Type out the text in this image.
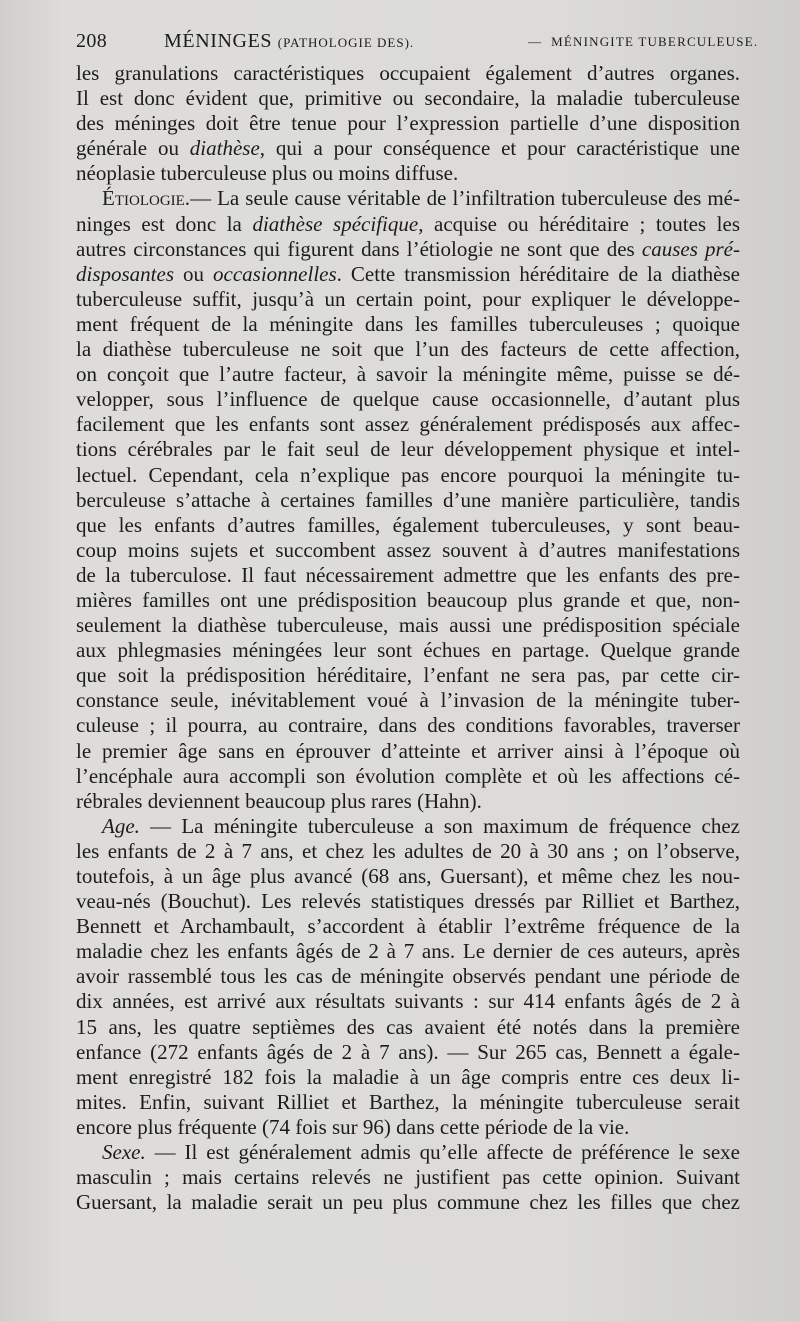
208	MÉNINGES (PATHOLOGIE DES).	— MÉNINGITE TUBERCULEUSE.
les granulations caractéristiques occupaient également d’autres organes.
Il est donc évident que, primitive ou secondaire, la maladie tuberculeuse
des méninges doit être tenue pour l’expression partielle d’une disposition
générale ou diathèse, qui a pour conséquence et pour caractéristique une
néoplasie tuberculeuse plus ou moins diffuse.
Étiologie.— La seule cause véritable de l’infiltration tuberculeuse des mé-
ninges est donc la diathèse spécifique, acquise ou héréditaire ; toutes les
autres circonstances qui figurent dans l’étiologie ne sont que des causes pré-
disposantes ou occasionnelles. Cette transmission héréditaire de la diathèse
tuberculeuse suffit, jusqu’à un certain point, pour expliquer le développe-
ment fréquent de la méningite dans les familles tuberculeuses ; quoique
la diathèse tuberculeuse ne soit que l’un des facteurs de cette affection,
on conçoit que l’autre facteur, à savoir la méningite même, puisse se dé-
velopper, sous l’influence de quelque cause occasionnelle, d’autant plus
facilement que les enfants sont assez généralement prédisposés aux affec-
tions cérébrales par le fait seul de leur développement physique et intel-
lectuel. Cependant, cela n’explique pas encore pourquoi la méningite tu-
berculeuse s’attache à certaines familles d’une manière particulière, tandis
que les enfants d’autres familles, également tuberculeuses, y sont beau-
coup moins sujets et succombent assez souvent à d’autres manifestations
de la tuberculose. Il faut nécessairement admettre que les enfants des pre-
mières familles ont une prédisposition beaucoup plus grande et que, non-
seulement la diathèse tuberculeuse, mais aussi une prédisposition spéciale
aux phlegmasies méningées leur sont échues en partage. Quelque grande
que soit la prédisposition héréditaire, l’enfant ne sera pas, par cette cir-
constance seule, inévitablement voué à l’invasion de la méningite tuber-
culeuse ; il pourra, au contraire, dans des conditions favorables, traverser
le premier âge sans en éprouver d’atteinte et arriver ainsi à l’époque où
l’encéphale aura accompli son évolution complète et où les affections cé-
rébrales deviennent beaucoup plus rares (Hahn).
Age. — La méningite tuberculeuse a son maximum de fréquence chez
les enfants de 2 à 7 ans, et chez les adultes de 20 à 30 ans ; on l’observe,
toutefois, à un âge plus avancé (68 ans, Guersant), et même chez les nou-
veau-nés (Bouchut). Les relevés statistiques dressés par Rilliet et Barthez,
Bennett et Archambault, s’accordent à établir l’extrême fréquence de la
maladie chez les enfants âgés de 2 à 7 ans. Le dernier de ces auteurs, après
avoir rassemblé tous les cas de méningite observés pendant une période de
dix années, est arrivé aux résultats suivants : sur 414 enfants âgés de 2 à
15 ans, les quatre septièmes des cas avaient été notés dans la première
enfance (272 enfants âgés de 2 à 7 ans). — Sur 265 cas, Bennett a égale-
ment enregistré 182 fois la maladie à un âge compris entre ces deux li-
mites. Enfin, suivant Rilliet et Barthez, la méningite tuberculeuse serait
encore plus fréquente (74 fois sur 96) dans cette période de la vie.
Sexe. — Il est généralement admis qu’elle affecte de préférence le sexe
masculin ; mais certains relevés ne justifient pas cette opinion. Suivant
Guersant, la maladie serait un peu plus commune chez les filles que chez
